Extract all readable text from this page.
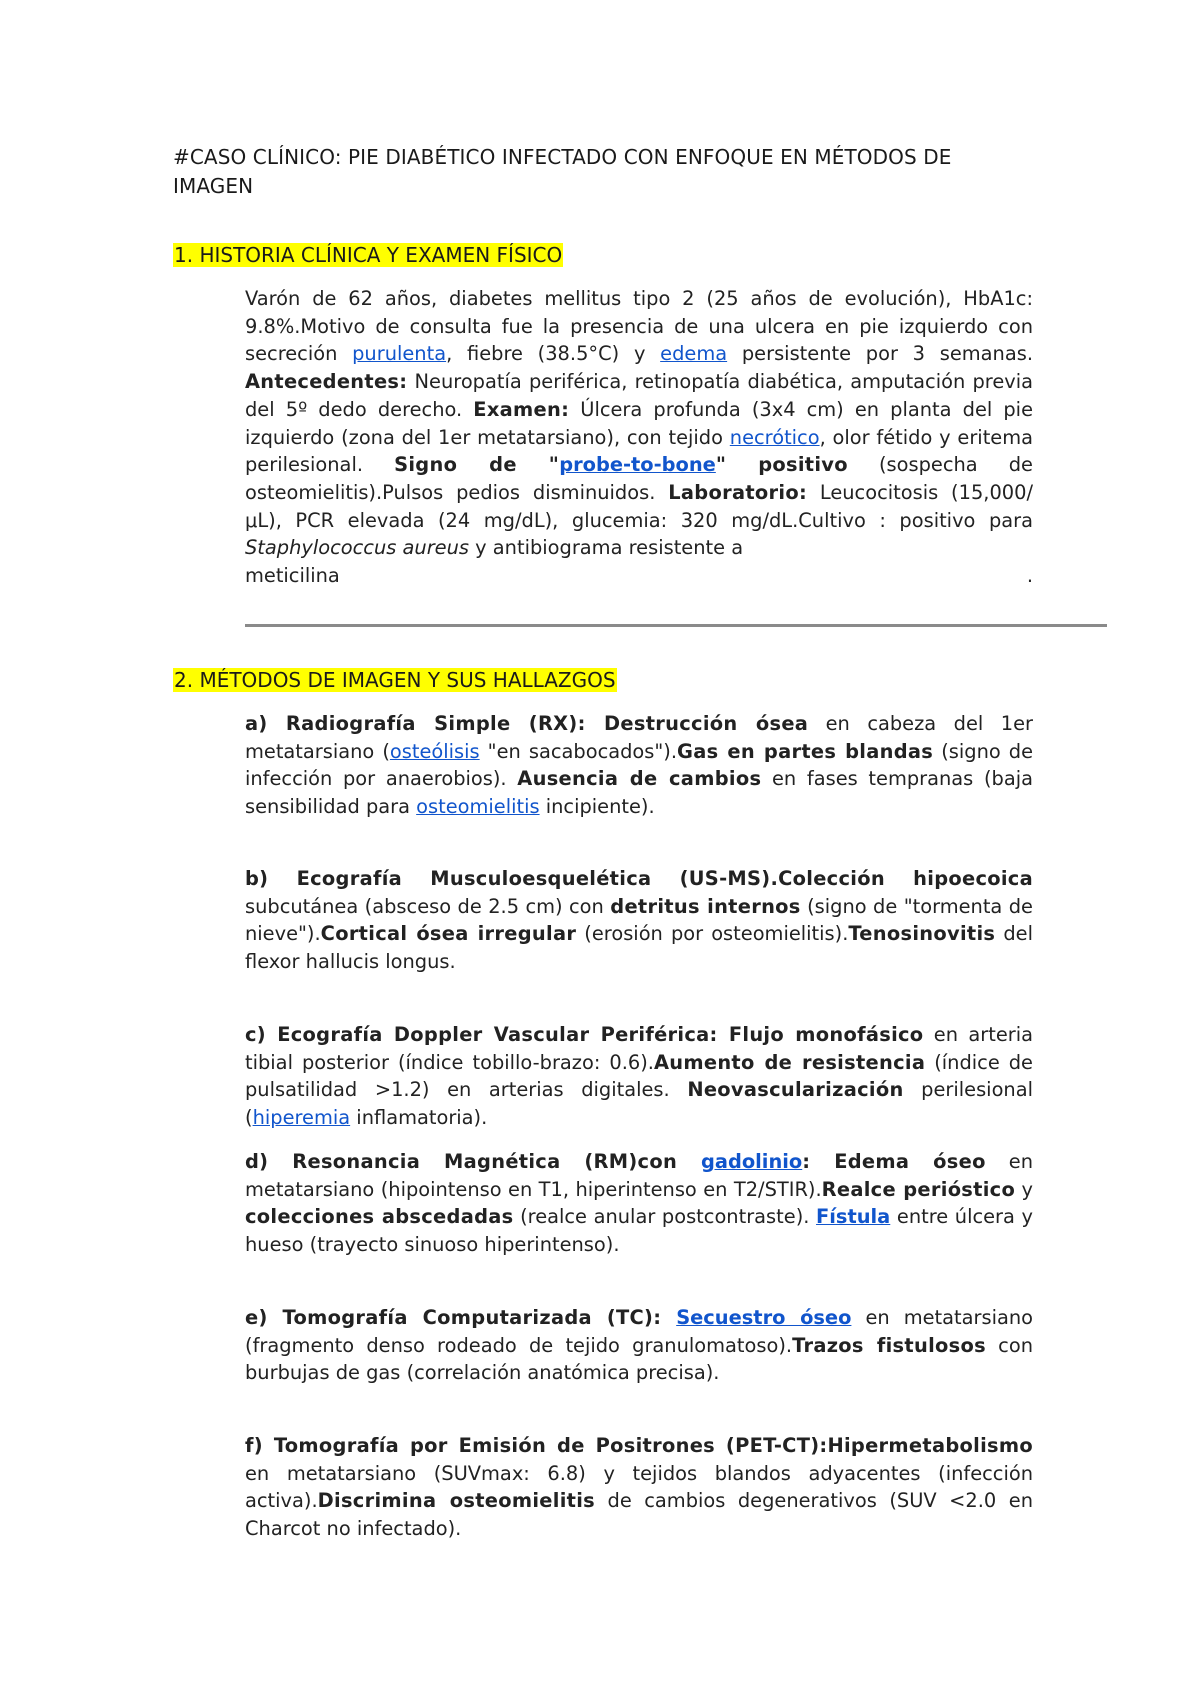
#CASO CLÍNICO: PIE DIABÉTICO INFECTADO CON ENFOQUE EN MÉTODOS DE IMAGEN
1. HISTORIA CLÍNICA Y EXAMEN FÍSICO

Varón de 62 años, diabetes mellitus tipo 2 (25 años de evolución), HbA1c: 9.8%.Motivo de consulta fue la presencia de una ulcera en pie izquierdo con secreción purulenta, fiebre (38.5°C) y edema persistente por 3 semanas. Antecedentes: Neuropatía periférica, retinopatía diabética, amputación previa del 5º dedo derecho. Examen: Úlcera profunda (3x4 cm) en planta del pie izquierdo (zona del 1er metatarsiano), con tejido necrótico, olor fétido y eritema perilesional. Signo de "probe-to-bone" positivo (sospecha de osteomielitis).Pulsos pedios disminuidos. Laboratorio: Leucocitosis (15,000/μL), PCR elevada (24 mg/dL), glucemia: 320 mg/dL.Cultivo : positivo para Staphylococcus aureus y antibiograma resistente a
meticilina	.

2. MÉTODOS DE IMAGEN Y SUS HALLAZGOS

a) Radiografía Simple (RX): Destrucción ósea en cabeza del 1er metatarsiano (osteólisis "en sacabocados").Gas en partes blandas (signo de infección por anaerobios). Ausencia de cambios en fases tempranas (baja sensibilidad para osteomielitis incipiente).

b) Ecografía Musculoesquelética (US-MS).Colección hipoecoica subcutánea (absceso de 2.5 cm) con detritus internos (signo de "tormenta de nieve").Cortical ósea irregular (erosión por osteomielitis).Tenosinovitis del flexor hallucis longus.

c) Ecografía Doppler Vascular Periférica: Flujo monofásico en arteria tibial posterior (índice tobillo-brazo: 0.6).Aumento de resistencia (índice de pulsatilidad >1.2) en arterias digitales. Neovascularización perilesional (hiperemia inflamatoria).

d) Resonancia Magnética (RM)con gadolinio: Edema óseo en metatarsiano (hipointenso en T1, hiperintenso en T2/STIR).Realce perióstico y colecciones abscedadas (realce anular postcontraste). Fístula entre úlcera y hueso (trayecto sinuoso hiperintenso).

e) Tomografía Computarizada (TC): Secuestro óseo en metatarsiano (fragmento denso rodeado de tejido granulomatoso).Trazos fistulosos con burbujas de gas (correlación anatómica precisa).

f) Tomografía por Emisión de Positrones (PET-CT):Hipermetabolismo en metatarsiano (SUVmax: 6.8) y tejidos blandos adyacentes (infección activa).Discrimina osteomielitis de cambios degenerativos (SUV <2.0 en Charcot no infectado).
